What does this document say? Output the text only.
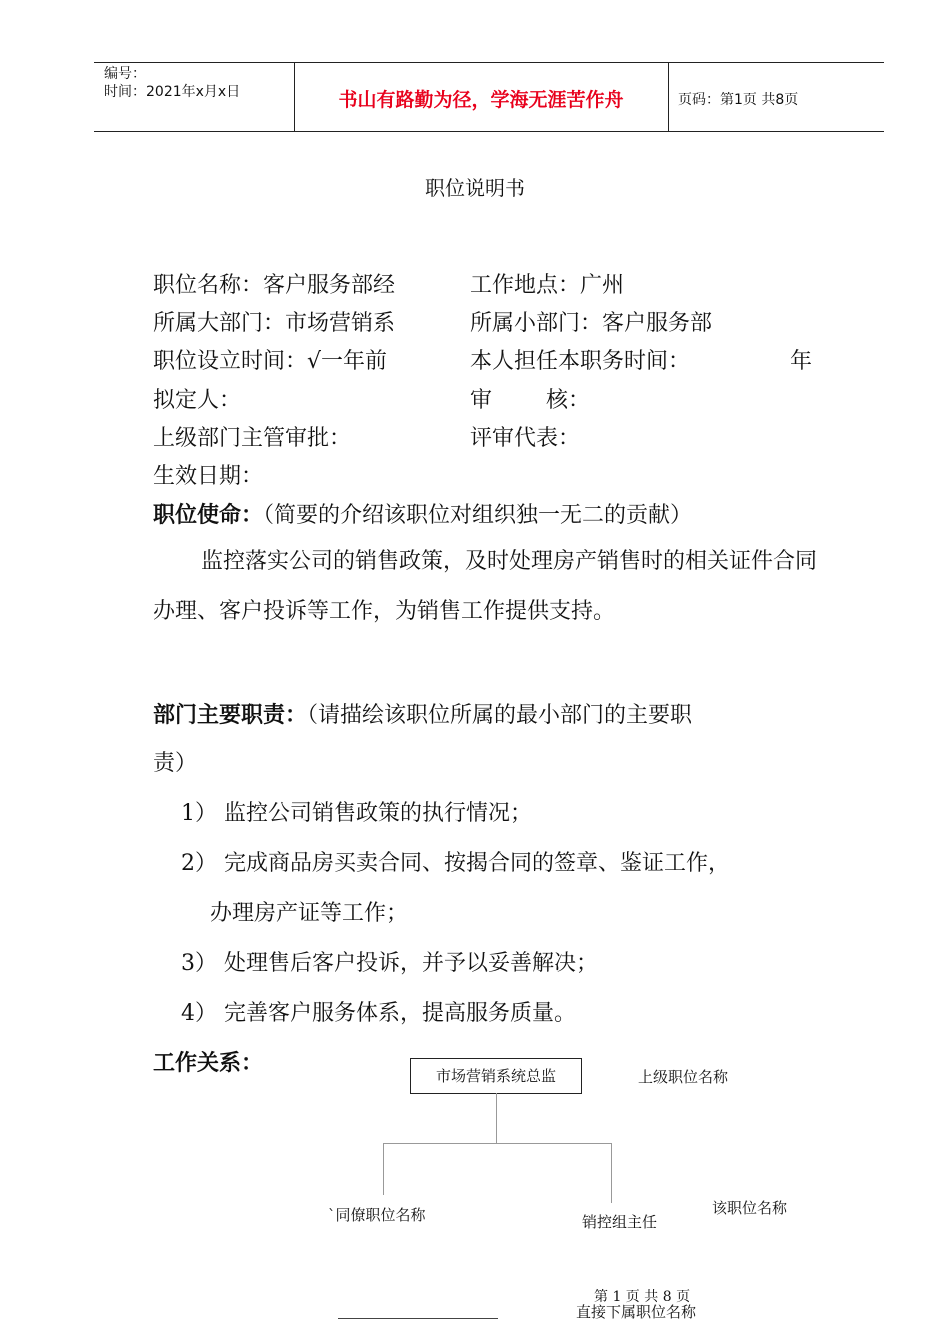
编号：
时间：2021年x月x日	书山有路勤为径，学海无涯苦作舟	页码：第1页 共8页
职位说明书
职位名称：客户服务部经	工作地点：广州
所属大部门：市场营销系	所属小部门：客户服务部
职位设立时间：√一年前	本人担任本职务时间：	年
拟定人：	审 核：
上级部门主管审批：	评审代表：
生效日期：
职位使命：（简要的介绍该职位对组织独一无二的贡献）
监控落实公司的销售政策，及时处理房产销售时的相关证件合同办理、客户投诉等工作，为销售工作提供支持。
部门主要职责：（请描绘该职位所属的最小部门的主要职
责）
1） 监控公司销售政策的执行情况；
2） 完成商品房买卖合同、按揭合同的签章、鉴证工作，
办理房产证等工作；
3） 处理售后客户投诉，并予以妥善解决；
4） 完善客户服务体系，提高服务质量。
工作关系：	市场营销系统总监	上级职位名称
`同僚职位名称	销控组主任
该职位名称
第 1 页 共 8 页
直接下属职位名称
